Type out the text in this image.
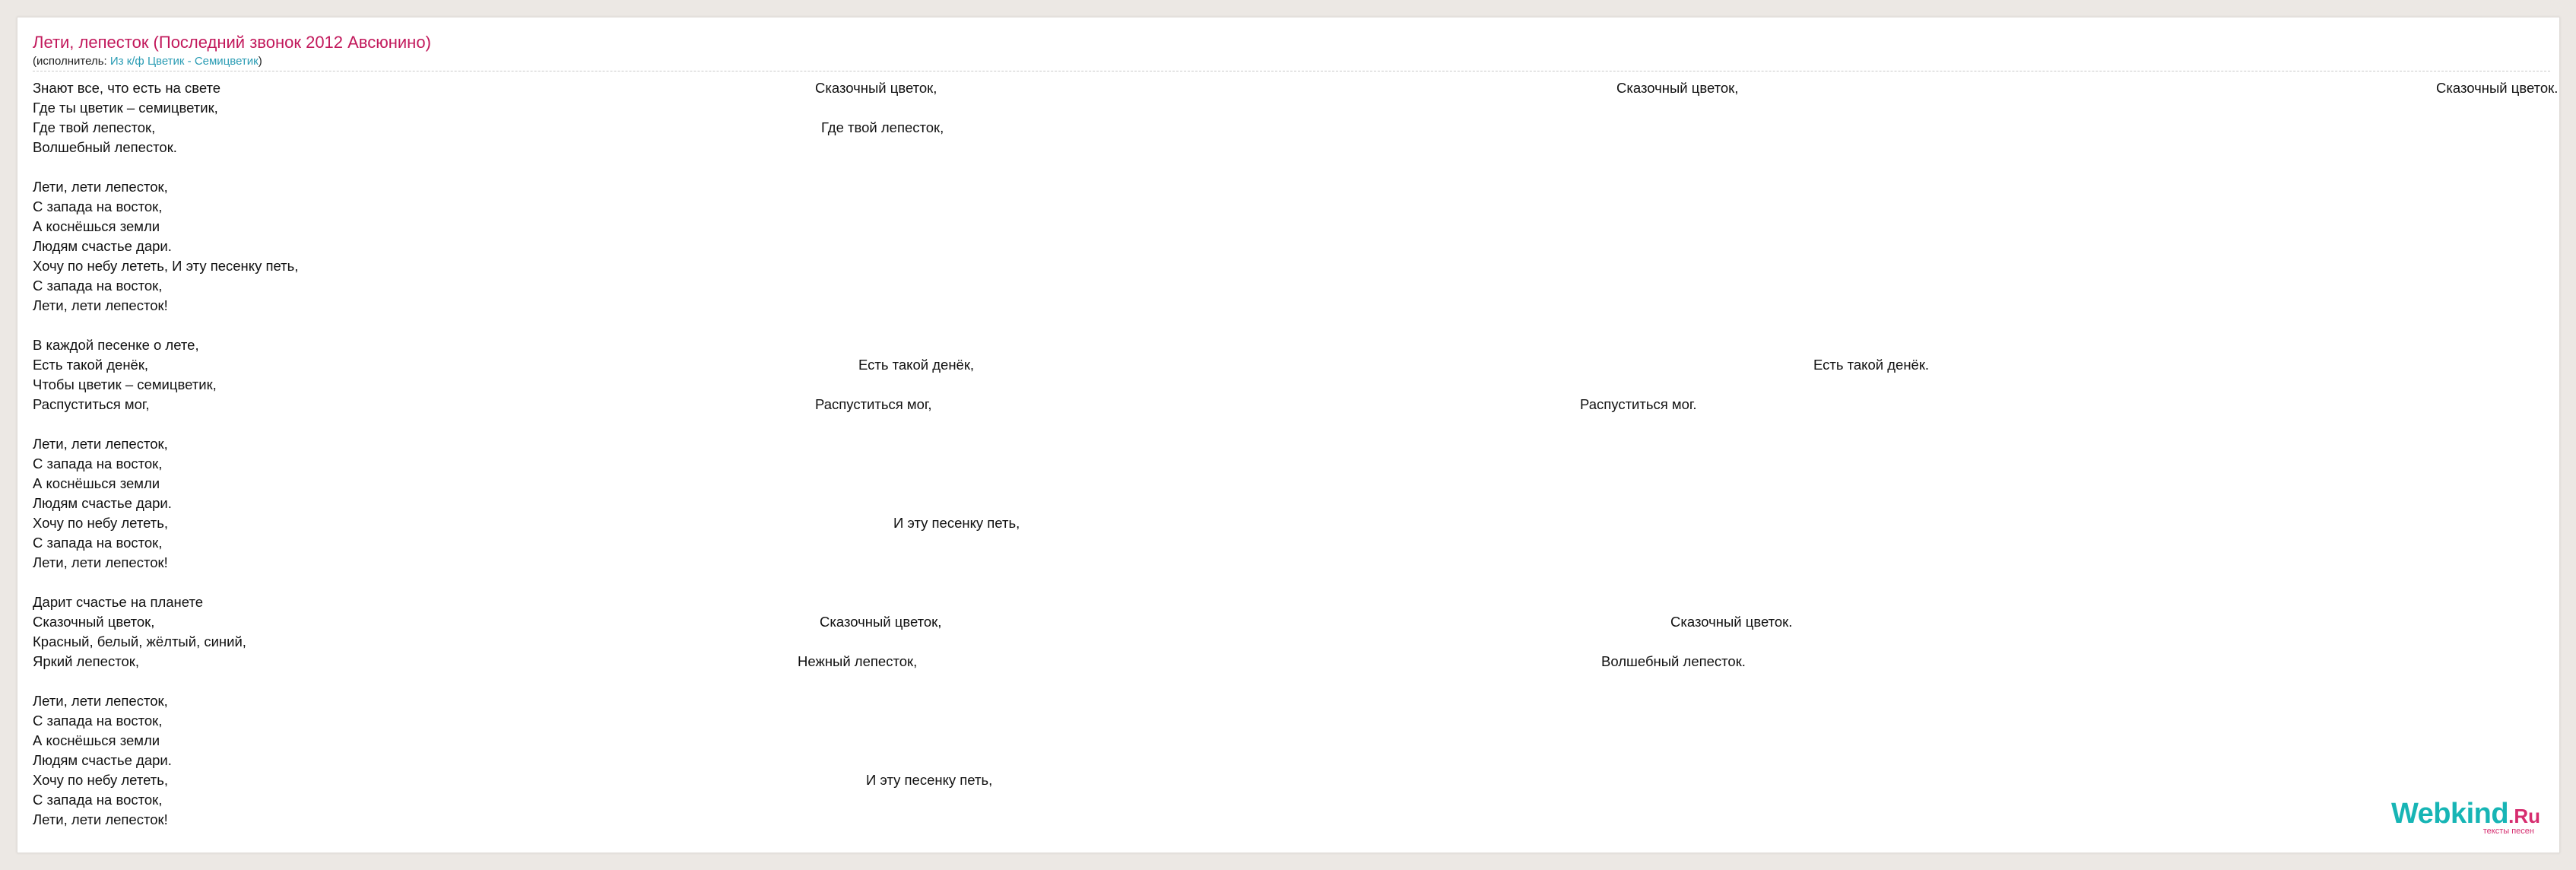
Лети, лепесток (Последний звонок 2012 Авсюнино)
(исполнитель: Из к/ф Цветик - Семицветик)
Знают все, что есть на свете	Сказочный цветок,	Сказочный цветок,	Сказочный цветок.
Где ты цветик – семицветик,
Где твой лепесток,	Где твой лепесток,
Волшебный лепесток.
Лети, лети лепесток,
С запада на восток,
А коснёшься земли
Людям счастье дари.
Хочу по небу лететь, И эту песенку петь,
С запада на восток,
Лети, лети лепесток!
В каждой песенке о лете,
Есть такой денёк,	Есть такой денёк,	Есть такой денёк.
Чтобы цветик – семицветик,
Распуститься мог,	Распуститься мог,	Распуститься мог.
Лети, лети лепесток,
С запада на восток,
А коснёшься земли
Людям счастье дари.
Хочу по небу лететь,	И эту песенку петь,
С запада на восток,
Лети, лети лепесток!
Дарит счастье на планете
Сказочный цветок,	Сказочный цветок,	Сказочный цветок.
Красный, белый, жёлтый, синий,
Яркий лепесток,	Нежный лепесток,	Волшебный лепесток.
Лети, лети лепесток,
С запада на восток,
А коснёшься земли
Людям счастье дари.
Хочу по небу лететь,	И эту песенку петь,
С запада на восток,
Лети, лети лепесток!	Webkind.Ru
тексты песен
